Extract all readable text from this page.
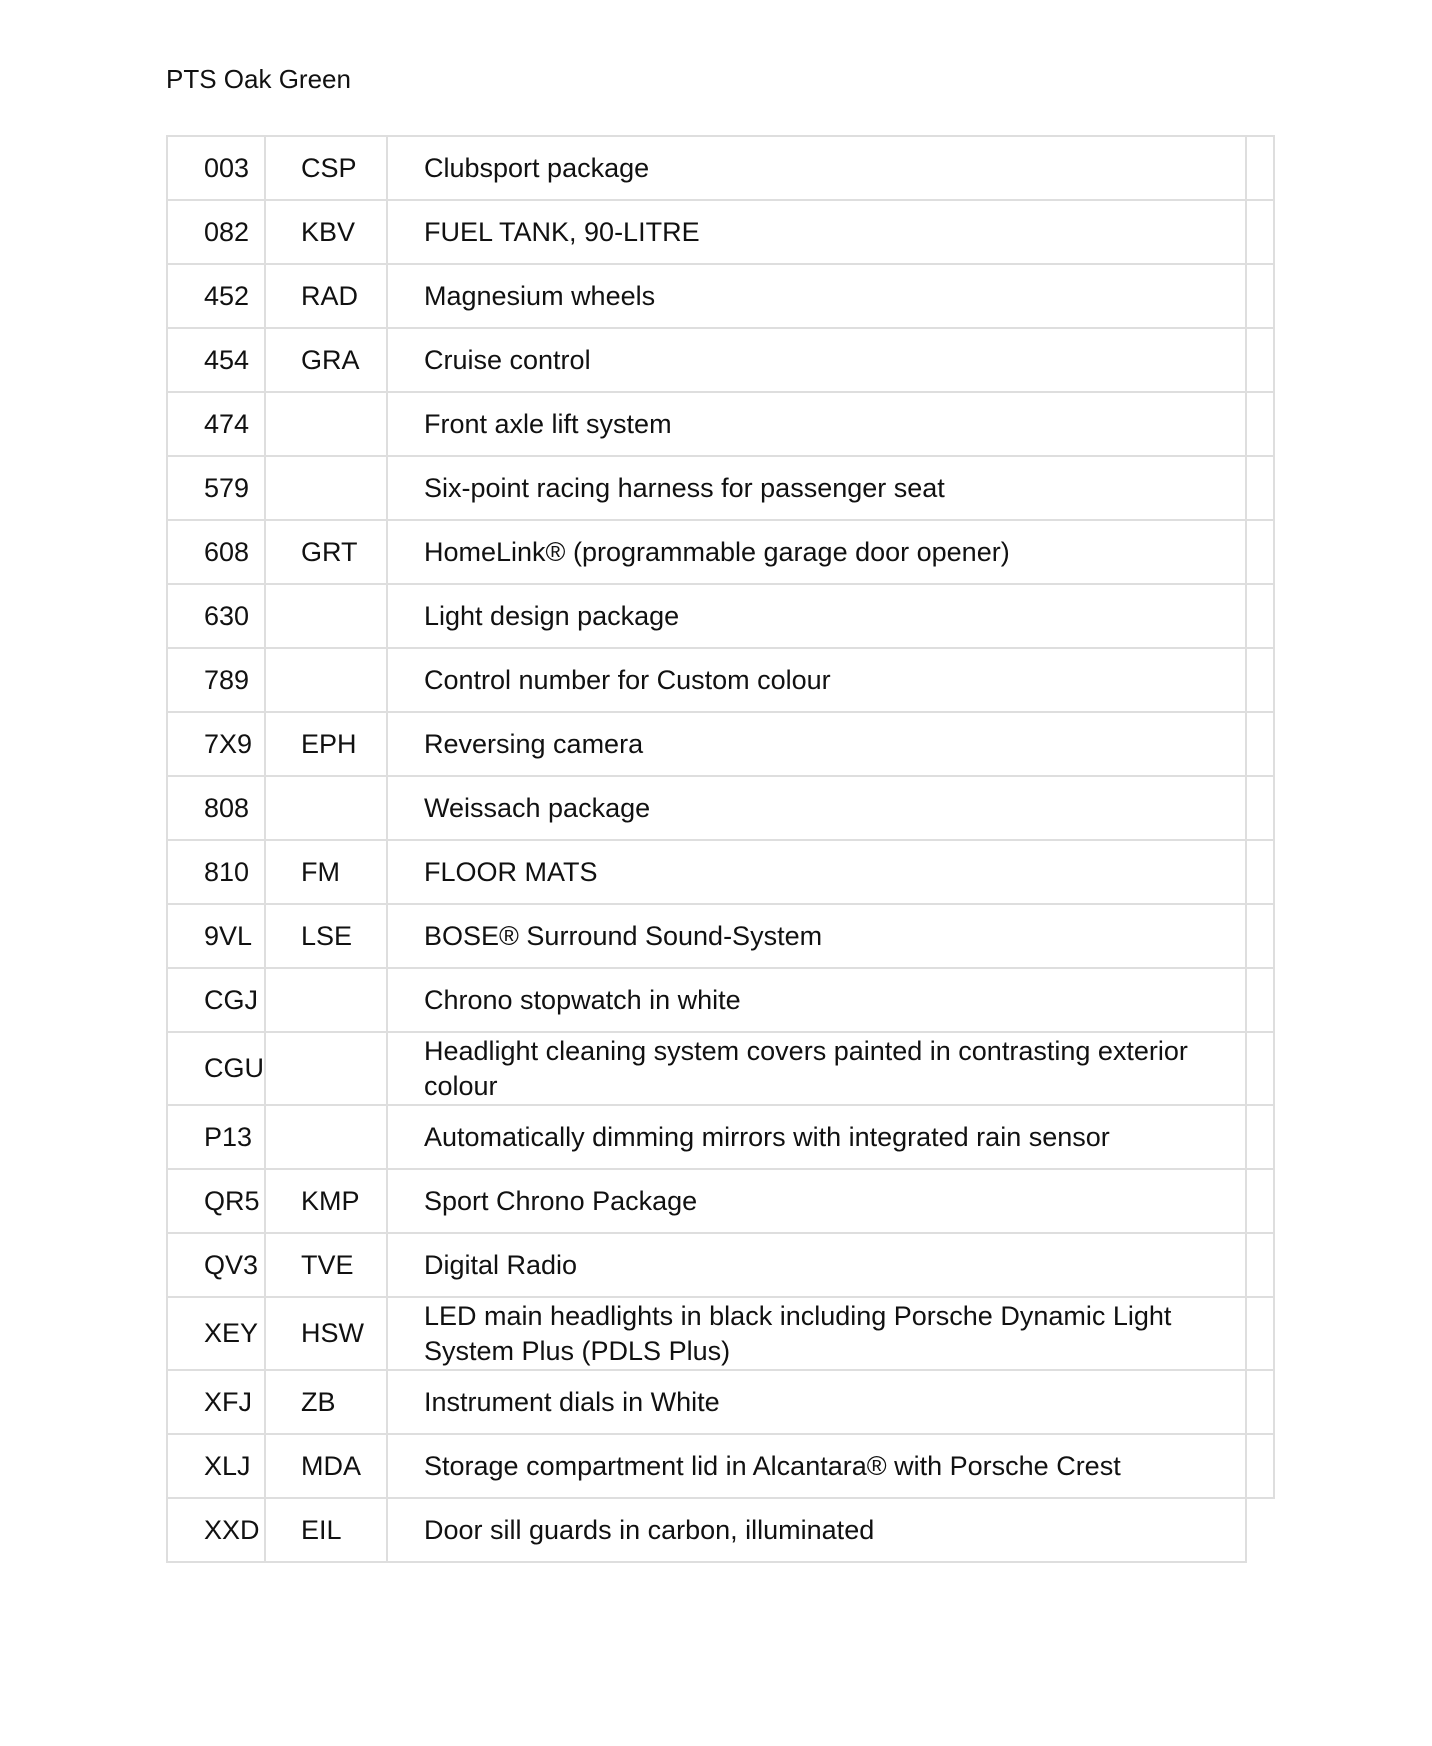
PTS Oak Green
003	CSP	Clubsport package	
082	KBV	FUEL TANK, 90-LITRE	
452	RAD	Magnesium wheels	
454	GRA	Cruise control	
474		Front axle lift system	
579		Six-point racing harness for passenger seat	
608	GRT	HomeLink® (programmable garage door opener)	
630		Light design package	
789		Control number for Custom colour	
7X9	EPH	Reversing camera	
808		Weissach package	
810	FM	FLOOR MATS	
9VL	LSE	BOSE® Surround Sound-System	
CGJ		Chrono stopwatch in white	
CGU		Headlight cleaning system covers painted in contrasting exterior colour	
P13		Automatically dimming mirrors with integrated rain sensor	
QR5	KMP	Sport Chrono Package	
QV3	TVE	Digital Radio	
XEY	HSW	LED main headlights in black including Porsche Dynamic Light System Plus (PDLS Plus)	
XFJ	ZB	Instrument dials in White	
XLJ	MDA	Storage compartment lid in Alcantara® with Porsche Crest	
XXD	EIL	Door sill guards in carbon, illuminated	
